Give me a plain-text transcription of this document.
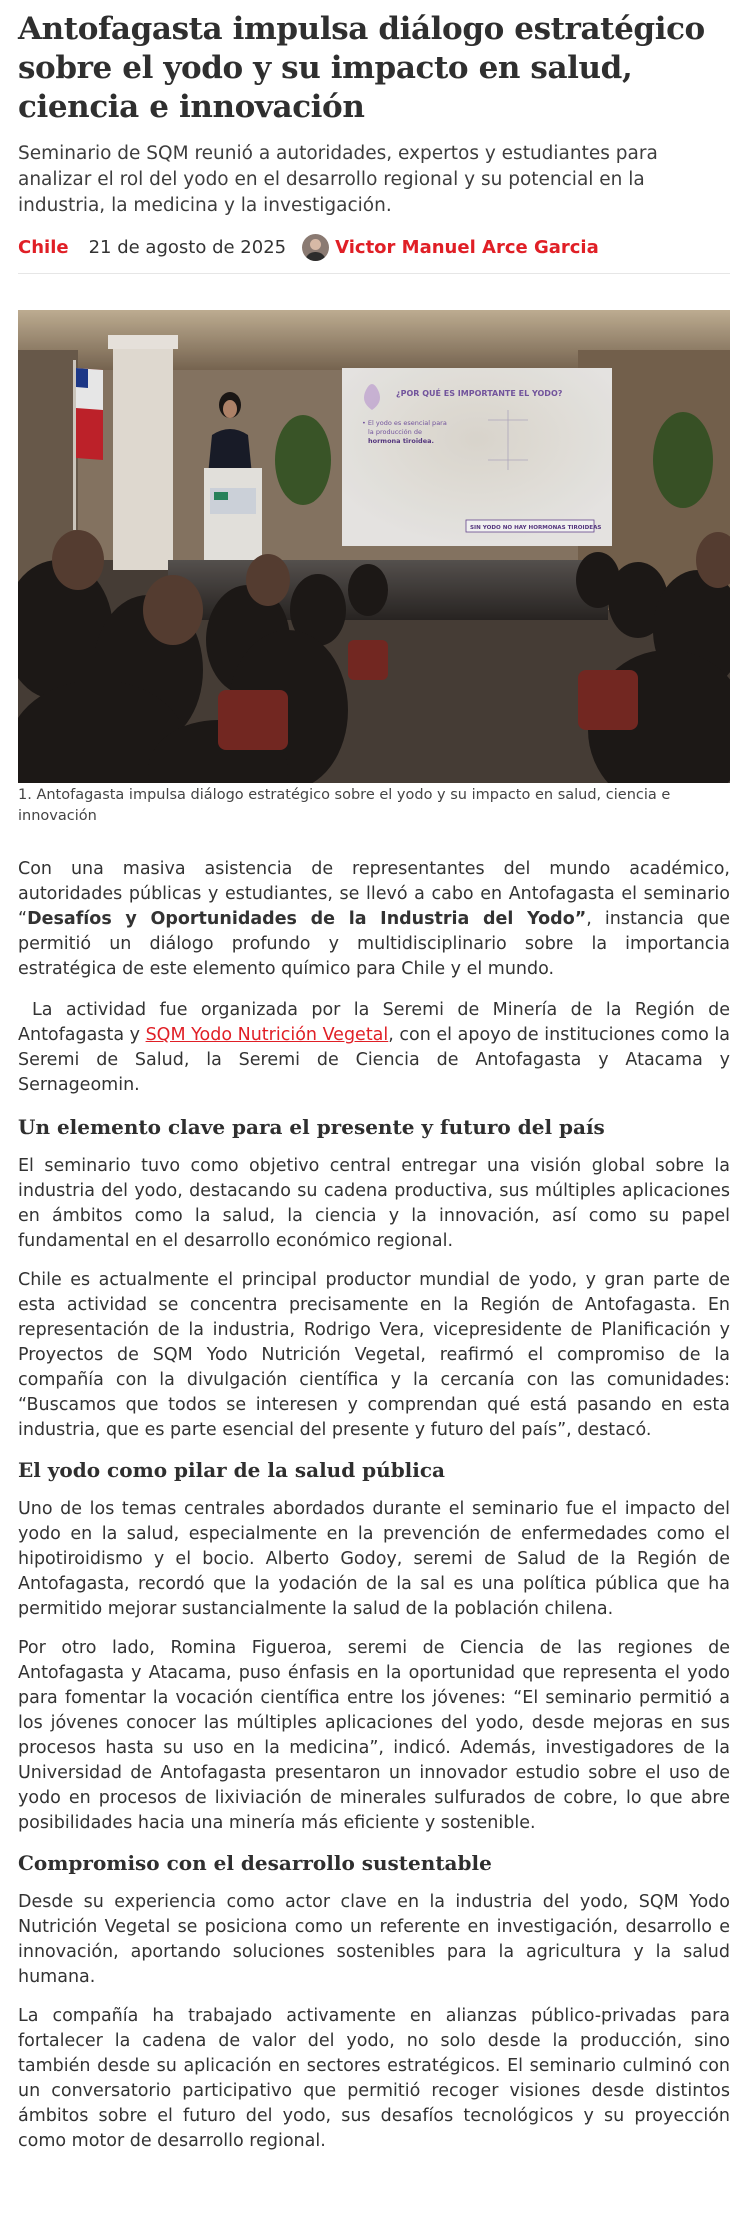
Antofagasta impulsa diálogo estratégico sobre el yodo y su impacto en salud, ciencia e innovación

Seminario de SQM reunió a autoridades, expertos y estudiantes para analizar el rol del yodo en el desarrollo regional y su potencial en la industria, la medicina y la investigación.

Chile 21 de agosto de 2025	Victor Manuel Arce Garcia
¿POR QUÉ ES IMPORTANTE EL YODO?
• El yodo es esencial para
la producción de
hormona tiroidea.
SIN YODO NO HAY HORMONAS TIROIDEAS

1. Antofagasta impulsa diálogo estratégico sobre el yodo y su impacto en salud, ciencia e innovación

Con una masiva asistencia de representantes del mundo académico, autoridades públicas y estudiantes, se llevó a cabo en Antofagasta el seminario “Desafíos y Oportunidades de la Industria del Yodo”, instancia que permitió un diálogo profundo y multidisciplinario sobre la importancia estratégica de este elemento químico para Chile y el mundo.

La actividad fue organizada por la Seremi de Minería de la Región de Antofagasta y SQM Yodo Nutrición Vegetal, con el apoyo de instituciones como la Seremi de Salud, la Seremi de Ciencia de Antofagasta y Atacama y Sernageomin.

Un elemento clave para el presente y futuro del país

El seminario tuvo como objetivo central entregar una visión global sobre la industria del yodo, destacando su cadena productiva, sus múltiples aplicaciones en ámbitos como la salud, la ciencia y la innovación, así como su papel fundamental en el desarrollo económico regional.

Chile es actualmente el principal productor mundial de yodo, y gran parte de esta actividad se concentra precisamente en la Región de Antofagasta. En representación de la industria, Rodrigo Vera, vicepresidente de Planificación y Proyectos de SQM Yodo Nutrición Vegetal, reafirmó el compromiso de la compañía con la divulgación científica y la cercanía con las comunidades: “Buscamos que todos se interesen y comprendan qué está pasando en esta industria, que es parte esencial del presente y futuro del país”, destacó.

El yodo como pilar de la salud pública

Uno de los temas centrales abordados durante el seminario fue el impacto del yodo en la salud, especialmente en la prevención de enfermedades como el hipotiroidismo y el bocio. Alberto Godoy, seremi de Salud de la Región de Antofagasta, recordó que la yodación de la sal es una política pública que ha permitido mejorar sustancialmente la salud de la población chilena.

Por otro lado, Romina Figueroa, seremi de Ciencia de las regiones de Antofagasta y Atacama, puso énfasis en la oportunidad que representa el yodo para fomentar la vocación científica entre los jóvenes: “El seminario permitió a los jóvenes conocer las múltiples aplicaciones del yodo, desde mejoras en sus procesos hasta su uso en la medicina”, indicó. Además, investigadores de la Universidad de Antofagasta presentaron un innovador estudio sobre el uso de yodo en procesos de lixiviación de minerales sulfurados de cobre, lo que abre posibilidades hacia una minería más eficiente y sostenible.

Compromiso con el desarrollo sustentable

Desde su experiencia como actor clave en la industria del yodo, SQM Yodo Nutrición Vegetal se posiciona como un referente en investigación, desarrollo e innovación, aportando soluciones sostenibles para la agricultura y la salud humana.

La compañía ha trabajado activamente en alianzas público-privadas para fortalecer la cadena de valor del yodo, no solo desde la producción, sino también desde su aplicación en sectores estratégicos. El seminario culminó con un conversatorio participativo que permitió recoger visiones desde distintos ámbitos sobre el futuro del yodo, sus desafíos tecnológicos y su proyección como motor de desarrollo regional.
